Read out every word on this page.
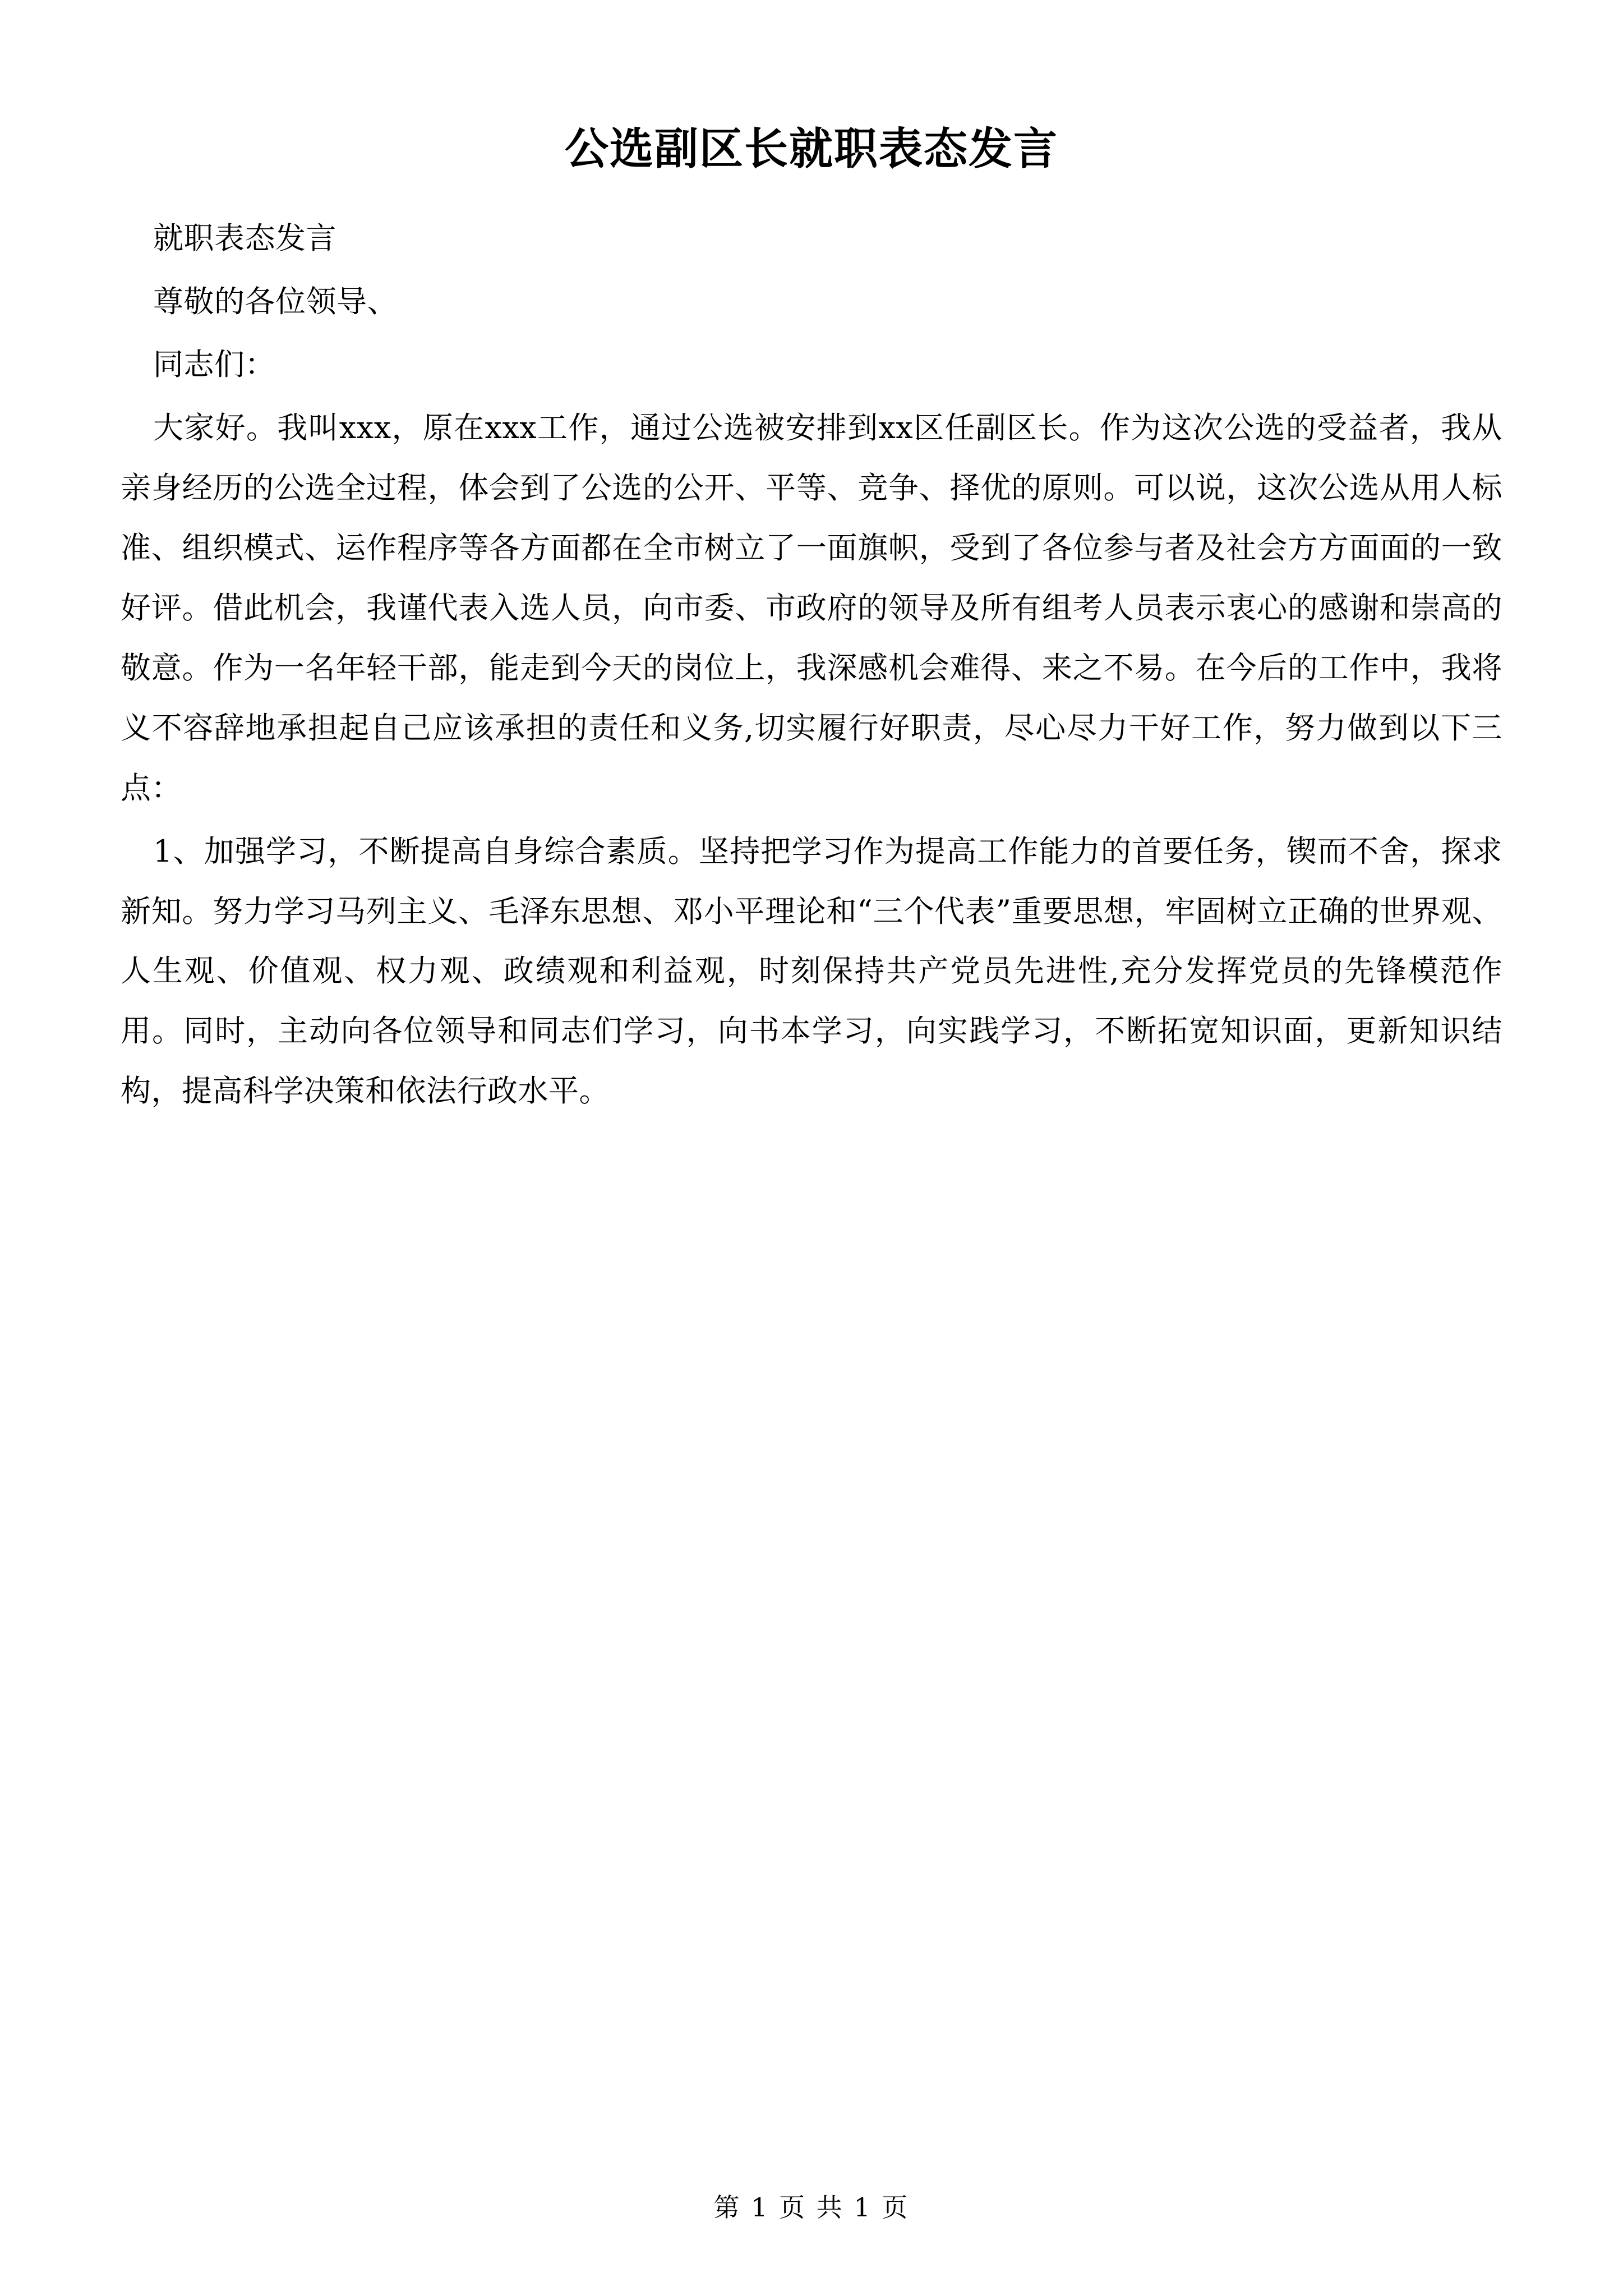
公选副区长就职表态发言

就职表态发言

尊敬的各位领导、

同志们：

大家好。我叫xxx，原在xxx工作，通过公选被安排到xx区任副区长。作为这次公选的受益者，我从亲身经历的公选全过程，体会到了公选的公开、平等、竞争、择优的原则。可以说，这次公选从用人标准、组织模式、运作程序等各方面都在全市树立了一面旗帜，受到了各位参与者及社会方方面面的一致好评。借此机会，我谨代表入选人员，向市委、市政府的领导及所有组考人员表示衷心的感谢和崇高的敬意。作为一名年轻干部，能走到今天的岗位上，我深感机会难得、来之不易。在今后的工作中，我将义不容辞地承担起自己应该承担的责任和义务,切实履行好职责，尽心尽力干好工作，努力做到以下三点：

1、加强学习，不断提高自身综合素质。坚持把学习作为提高工作能力的首要任务，锲而不舍，探求新知。努力学习马列主义、毛泽东思想、邓小平理论和“三个代表”重要思想，牢固树立正确的世界观、人生观、价值观、权力观、政绩观和利益观，时刻保持共产党员先进性,充分发挥党员的先锋模范作用。同时，主动向各位领导和同志们学习，向书本学习，向实践学习，不断拓宽知识面，更新知识结构，提高科学决策和依法行政水平。

第 1 页 共 1 页
